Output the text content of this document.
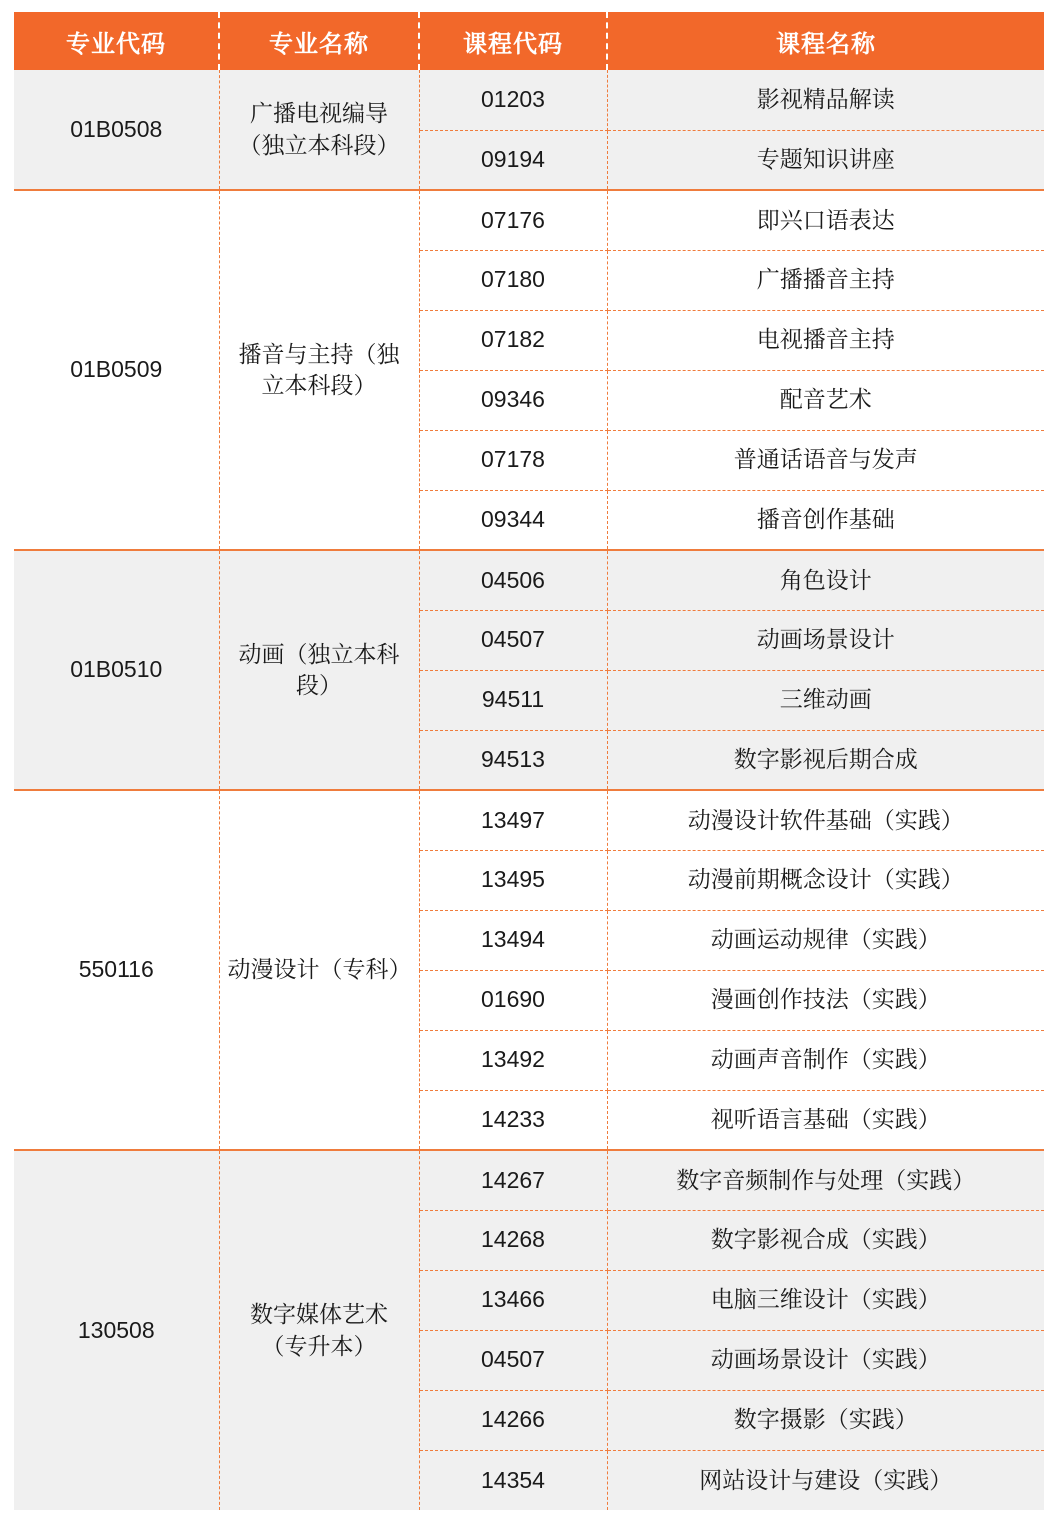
专业代码	专业名称	课程代码	课程名称
01B0508	广播电视编导（独立本科段）	01203	影视精品解读
		09194	专题知识讲座
01B0509	播音与主持（独立本科段）	07176	即兴口语表达
		07180	广播播音主持
		07182	电视播音主持
		09346	配音艺术
		07178	普通话语音与发声
		09344	播音创作基础
01B0510	动画（独立本科段）	04506	角色设计
		04507	动画场景设计
		94511	三维动画
		94513	数字影视后期合成
550116	动漫设计（专科）	13497	动漫设计软件基础（实践）
		13495	动漫前期概念设计（实践）
		13494	动画运动规律（实践）
		01690	漫画创作技法（实践）
		13492	动画声音制作（实践）
		14233	视听语言基础（实践）
130508	数字媒体艺术（专升本）	14267	数字音频制作与处理（实践）
		14268	数字影视合成（实践）
		13466	电脑三维设计（实践）
		04507	动画场景设计（实践）
		14266	数字摄影（实践）
		14354	网站设计与建设（实践）
